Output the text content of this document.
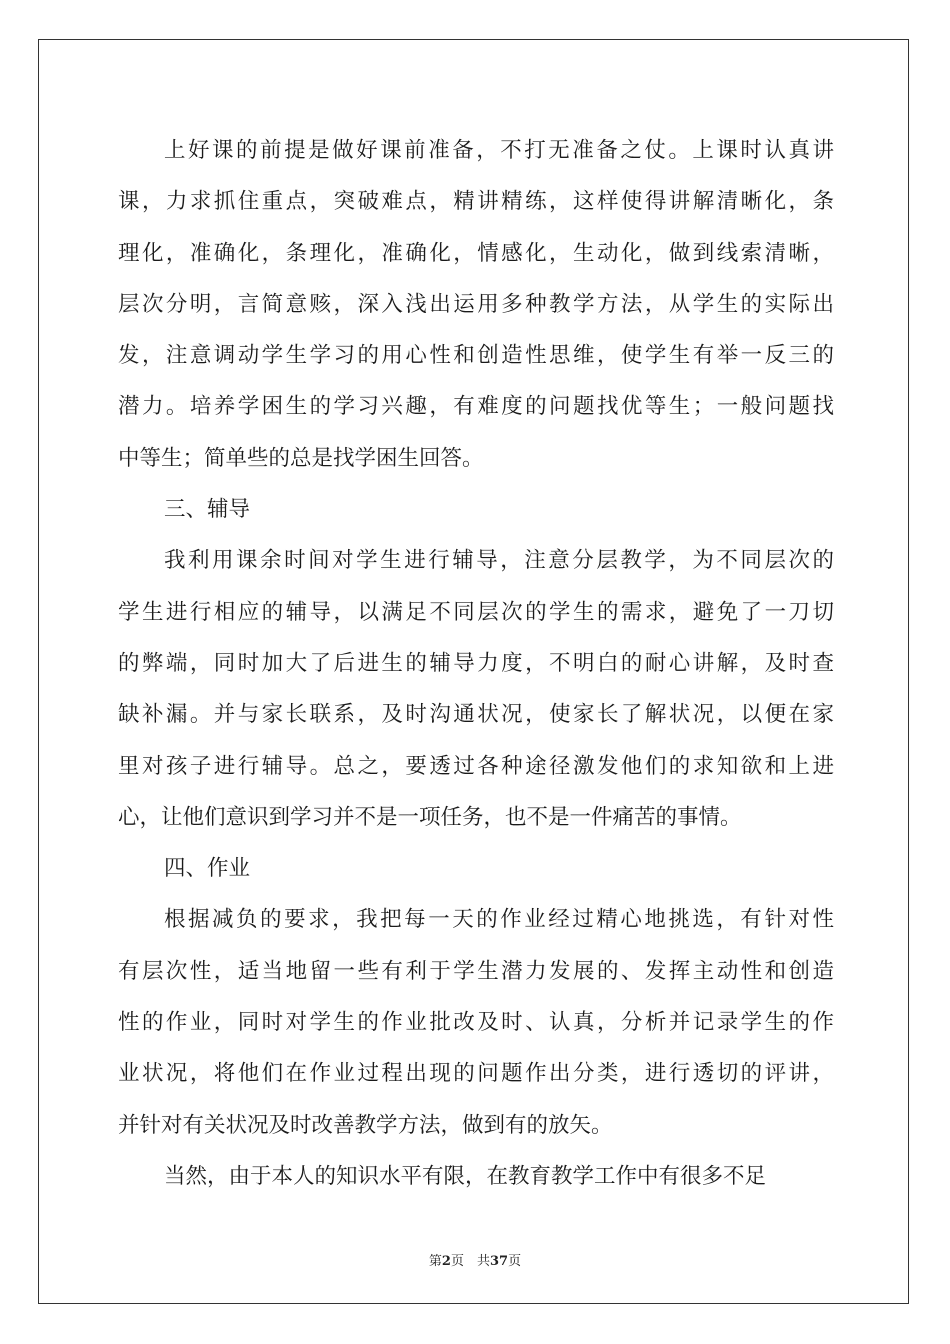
上好课的前提是做好课前准备，不打无准备之仗。上课时认真讲
课，力求抓住重点，突破难点，精讲精练，这样使得讲解清晰化，条
理化，准确化，条理化，准确化，情感化，生动化，做到线索清晰，
层次分明，言简意赅，深入浅出运用多种教学方法，从学生的实际出
发，注意调动学生学习的用心性和创造性思维，使学生有举一反三的
潜力。培养学困生的学习兴趣，有难度的问题找优等生；一般问题找
中等生；简单些的总是找学困生回答。

三、辅导

我利用课余时间对学生进行辅导，注意分层教学，为不同层次的
学生进行相应的辅导，以满足不同层次的学生的需求，避免了一刀切
的弊端，同时加大了后进生的辅导力度，不明白的耐心讲解，及时查
缺补漏。并与家长联系，及时沟通状况，使家长了解状况，以便在家
里对孩子进行辅导。总之，要透过各种途径激发他们的求知欲和上进
心，让他们意识到学习并不是一项任务，也不是一件痛苦的事情。

四、作业

根据减负的要求，我把每一天的作业经过精心地挑选，有针对性
有层次性，适当地留一些有利于学生潜力发展的、发挥主动性和创造
性的作业，同时对学生的作业批改及时、认真，分析并记录学生的作
业状况，将他们在作业过程出现的问题作出分类，进行透切的评讲，
并针对有关状况及时改善教学方法，做到有的放矢。
当然，由于本人的知识水平有限，在教育教学工作中有很多不足
第2页　共37页
